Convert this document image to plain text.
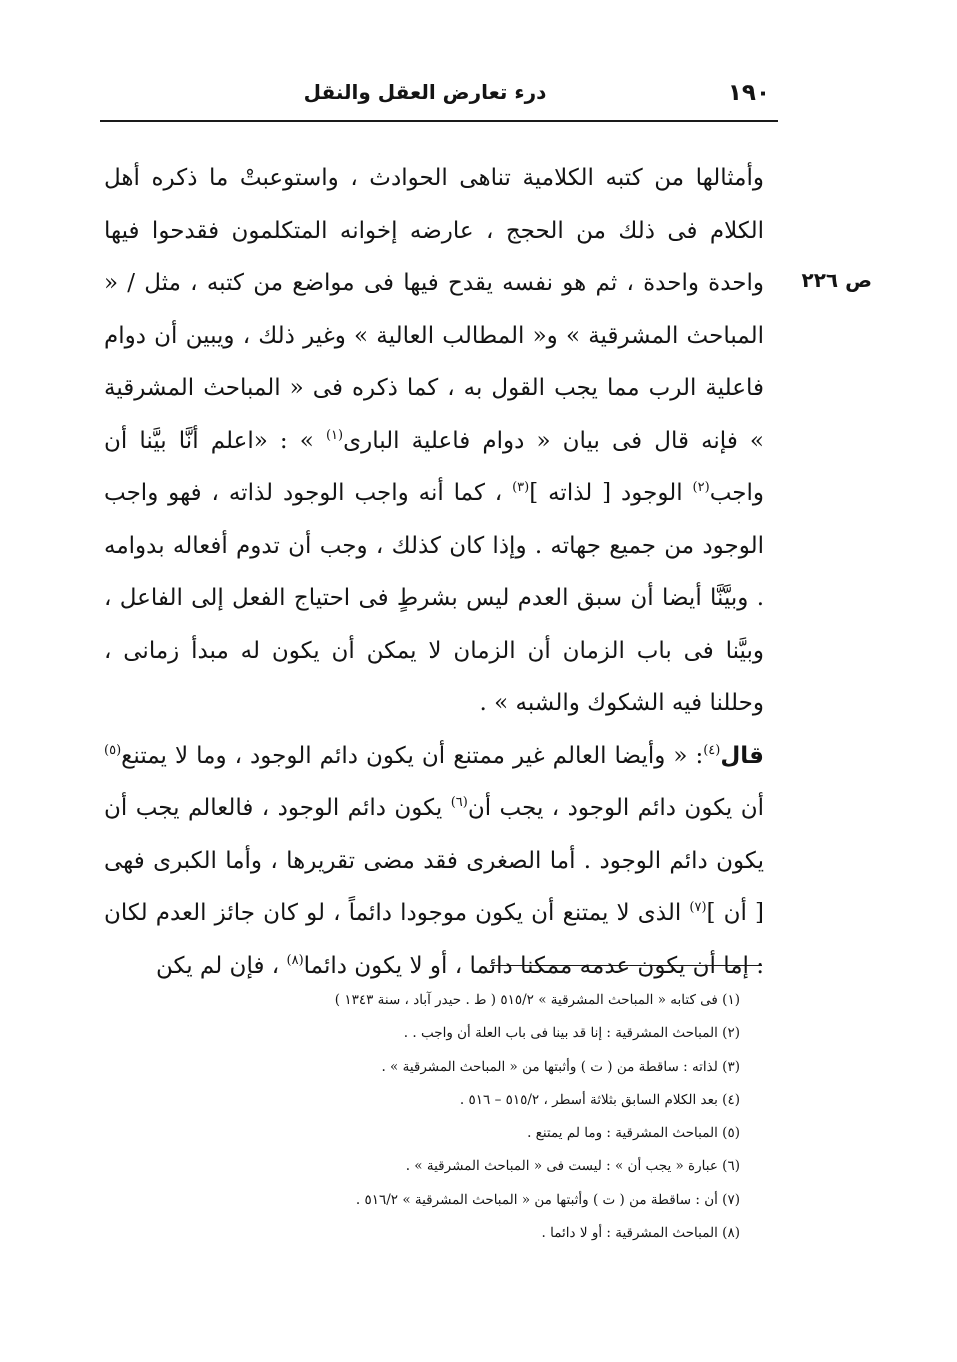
١٩٠
درء تعارض العقل والنقل
ص ٢٢٦

وأمثالها من كتبه الكلامية تناهى الحوادث ، واستوعبتْ ما ذكره أهل الكلام فى ذلك من الحجج ، عارضه إخوانه المتكلمون فقدحوا فيها واحدة واحدة ، ثم هو نفسه يقدح فيها فى مواضع من كتبه ، مثل / « المباحث المشرقية » و« المطالب العالية » وغير ذلك ، ويبين أن دوام فاعلية الرب مما يجب القول به ، كما ذكره فى « المباحث المشرقية » فإنه قال فى بيان « دوام فاعلية البارى$^{(١)}$ » : «اعلم أنَّا بيَّنا أن واجب$^{(٢)}$ الوجود [ لذاته ]$^{(٣)}$ ، كما أنه واجب الوجود لذاته ، فهو واجب الوجود من جميع جهاته . وإذا كان كذلك ، وجب أن تدوم أفعاله بدوامه . وبيَّنَّا أيضا أن سبق العدم ليس بشرطٍ فى احتياج الفعل إلى الفاعل ، وبيَّنا فى باب الزمان أن الزمان لا يمكن أن يكون له مبدأ زمانى ، وحللنا فيه الشكوك والشبه » .

قال$^{(٤)}$: « وأيضا العالم غير ممتنع أن يكون دائم الوجود ، وما لا يمتنع$^{(٥)}$ أن يكون دائم الوجود ، يجب أن$^{(٦)}$ يكون دائم الوجود ، فالعالم يجب أن يكون دائم الوجود . أما الصغرى فقد مضى تقريرها ، وأما الكبرى فهى [ أن ]$^{(٧)}$ الذى لا يمتنع أن يكون موجودا دائماً ، لو كان جائز العدم لكان : إما أن يكون عدمه ممكنا دائما ، أو لا يكون دائما$^{(٨)}$ ، فإن لم يكن

(١) فى كتابه « المباحث المشرقية » ٥١٥/٢ ( ط . حيدر آباد ، سنة ١٣٤٣ )
(٢) المباحث المشرقية : إنا قد بينا فى باب العلة أن واجب . .
(٣) لذاته : ساقطة من ( ت ) وأثبتها من « المباحث المشرقية » .
(٤) بعد الكلام السابق بثلاثة أسطر ، ٥١٥/٢ – ٥١٦ .
(٥) المباحث المشرقية : وما لم يمتنع .
(٦) عبارة « يجب أن » : ليست فى « المباحث المشرقية » .
(٧) أن : ساقطة من ( ت ) وأثبتها من « المباحث المشرقية » ٥١٦/٢ .
(٨) المباحث المشرقية : أو لا دائما .
